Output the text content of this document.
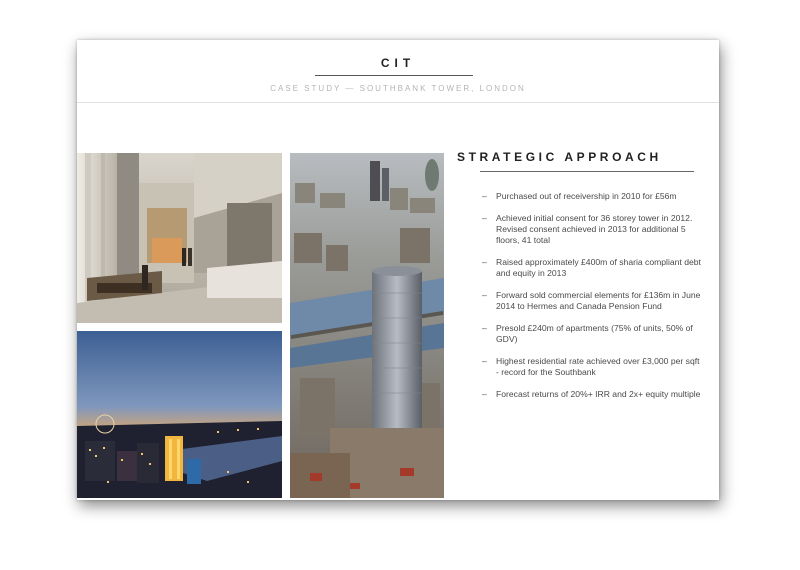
CIT
CASE STUDY — SOUTHBANK TOWER, LONDON
STRATEGIC APPROACH
– Purchased out of receivership in 2010 for £56m
– Achieved initial consent for 36 storey tower in 2012. Revised consent achieved in 2013 for additional 5 floors, 41 total
– Raised approximately £400m of sharia compliant debt and equity in 2013
– Forward sold commercial elements for £136m in June 2014 to Hermes and Canada Pension Fund
– Presold £240m of apartments (75% of units, 50% of GDV)
– Highest residential rate achieved over £3,000 per sqft - record for the Southbank
– Forecast returns of 20%+ IRR and 2x+ equity multiple
